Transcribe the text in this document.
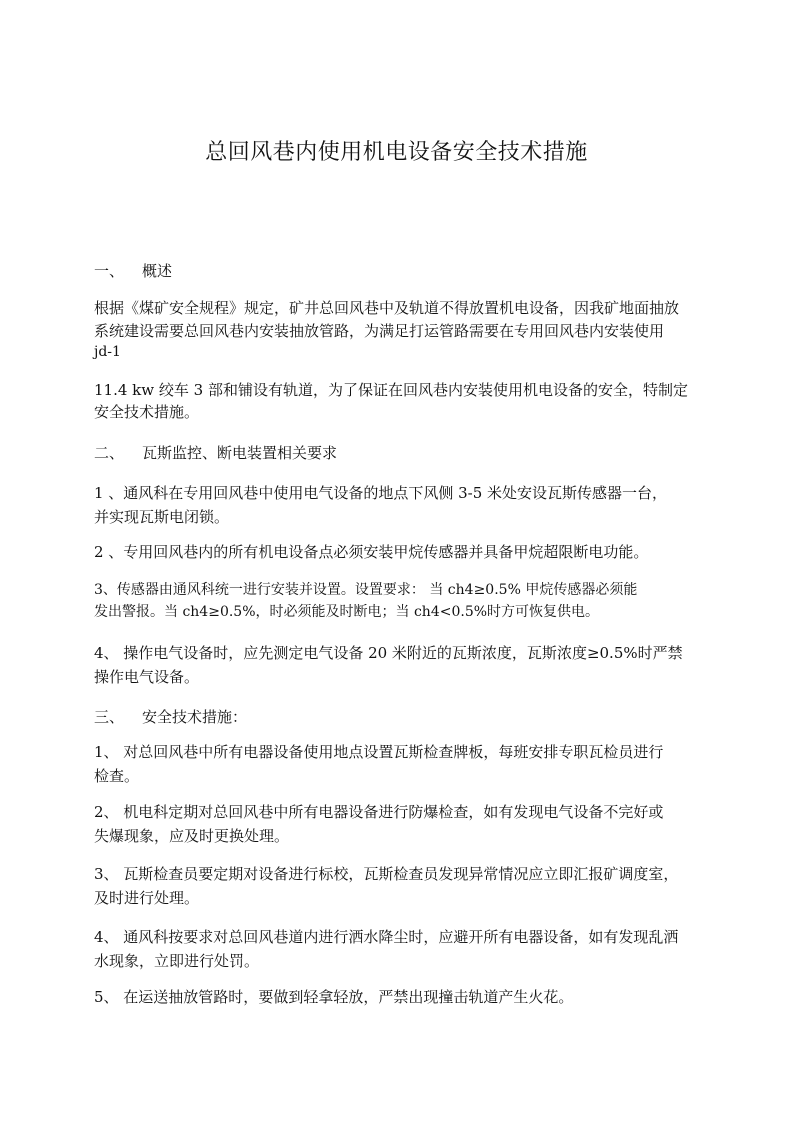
总回风巷内使用机电设备安全技术措施
一、 概述
根据《煤矿安全规程》规定，矿井总回风巷中及轨道不得放置机电设备，因我矿地面抽放
系统建设需要总回风巷内安装抽放管路，为满足打运管路需要在专用回风巷内安装使用
jd-1
11.4 kw 绞车 3 部和铺设有轨道，为了保证在回风巷内安装使用机电设备的安全，特制定
安全技术措施。
二、 瓦斯监控、断电装置相关要求
1 、通风科在专用回风巷中使用电气设备的地点下风侧 3-5 米处安设瓦斯传感器一台，
并实现瓦斯电闭锁。
2 、专用回风巷内的所有机电设备点必须安装甲烷传感器并具备甲烷超限断电功能。
3、传感器由通风科统一进行安装并设置。设置要求： 当 ch4≥0.5% 甲烷传感器必须能
发出警报。当 ch4≥0.5%，时必须能及时断电；当 ch4<0.5%时方可恢复供电。
4、 操作电气设备时，应先测定电气设备 20 米附近的瓦斯浓度，瓦斯浓度≥0.5%时严禁
操作电气设备。
三、 安全技术措施：
1、 对总回风巷中所有电器设备使用地点设置瓦斯检查牌板，每班安排专职瓦检员进行
检查。
2、 机电科定期对总回风巷中所有电器设备进行防爆检查，如有发现电气设备不完好或
失爆现象，应及时更换处理。
3、 瓦斯检查员要定期对设备进行标校，瓦斯检查员发现异常情况应立即汇报矿调度室，
及时进行处理。
4、 通风科按要求对总回风巷道内进行洒水降尘时，应避开所有电器设备，如有发现乱洒
水现象，立即进行处罚。
5、 在运送抽放管路时，要做到轻拿轻放，严禁出现撞击轨道产生火花。
